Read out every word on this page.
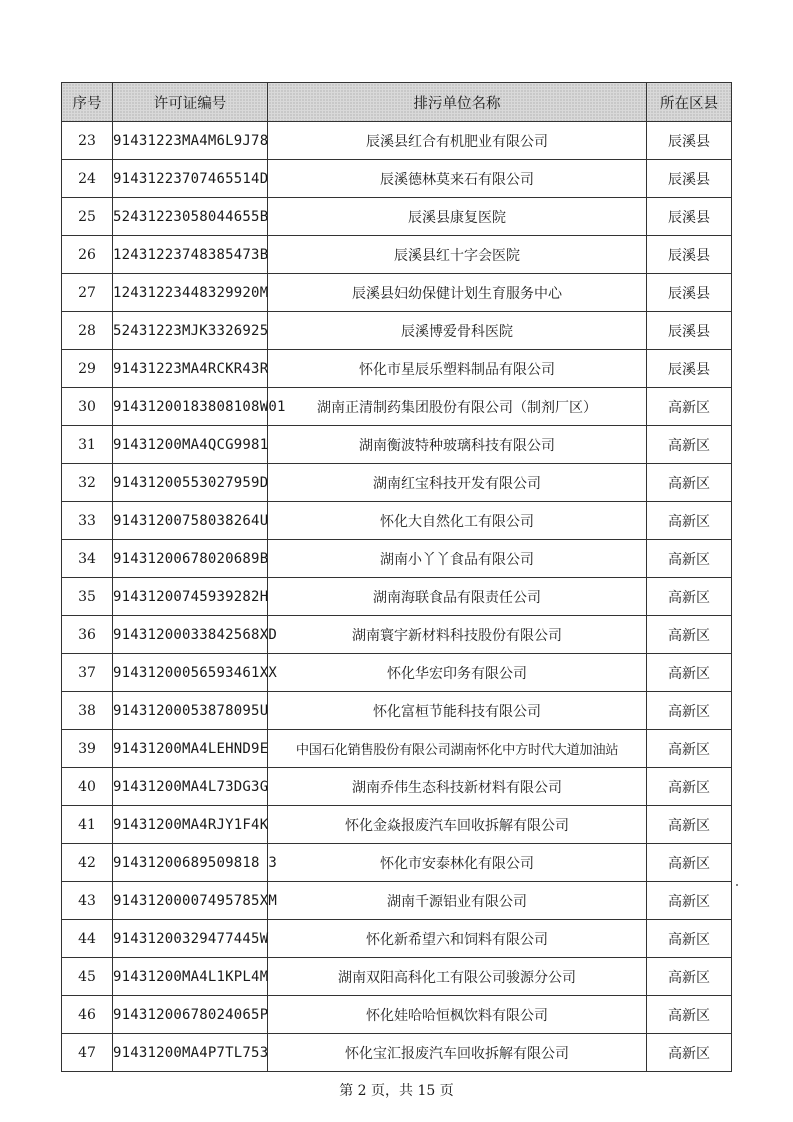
序号	许可证编号	排污单位名称	所在区县
23	91431223MA4M6L9J78	辰溪县红合有机肥业有限公司	辰溪县
24	91431223707465514D	辰溪德林莫来石有限公司	辰溪县
25	52431223058044655B	辰溪县康复医院	辰溪县
26	12431223748385473B	辰溪县红十字会医院	辰溪县
27	12431223448329920M	辰溪县妇幼保健计划生育服务中心	辰溪县
28	52431223MJK3326925	辰溪博爱骨科医院	辰溪县
29	91431223MA4RCKR43R	怀化市星辰乐塑料制品有限公司	辰溪县
30	91431200183808108W01	湖南正清制药集团股份有限公司（制剂厂区）	高新区
31	91431200MA4QCG9981	湖南衡波特种玻璃科技有限公司	高新区
32	91431200553027959D	湖南红宝科技开发有限公司	高新区
33	91431200758038264U	怀化大自然化工有限公司	高新区
34	91431200678020689B	湖南小丫丫食品有限公司	高新区
35	91431200745939282H	湖南海联食品有限责任公司	高新区
36	91431200033842568XD	湖南寰宇新材料科技股份有限公司	高新区
37	91431200056593461XX	怀化华宏印务有限公司	高新区
38	91431200053878095U	怀化富桓节能科技有限公司	高新区
39	91431200MA4LEHND9E	中国石化销售股份有限公司湖南怀化中方时代大道加油站	高新区
40	91431200MA4L73DG3G	湖南乔伟生态科技新材料有限公司	高新区
41	91431200MA4RJY1F4K	怀化金焱报废汽车回收拆解有限公司	高新区
42	91431200689509818 3	怀化市安泰林化有限公司	高新区
43	91431200007495785XM	湖南千源铝业有限公司	高新区
44	91431200329477445W	怀化新希望六和饲料有限公司	高新区
45	91431200MA4L1KPL4M	湖南双阳高科化工有限公司骏源分公司	高新区
46	91431200678024065P	怀化娃哈哈恒枫饮料有限公司	高新区
47	91431200MA4P7TL753	怀化宝汇报废汽车回收拆解有限公司	高新区
第 2 页，共 15 页
